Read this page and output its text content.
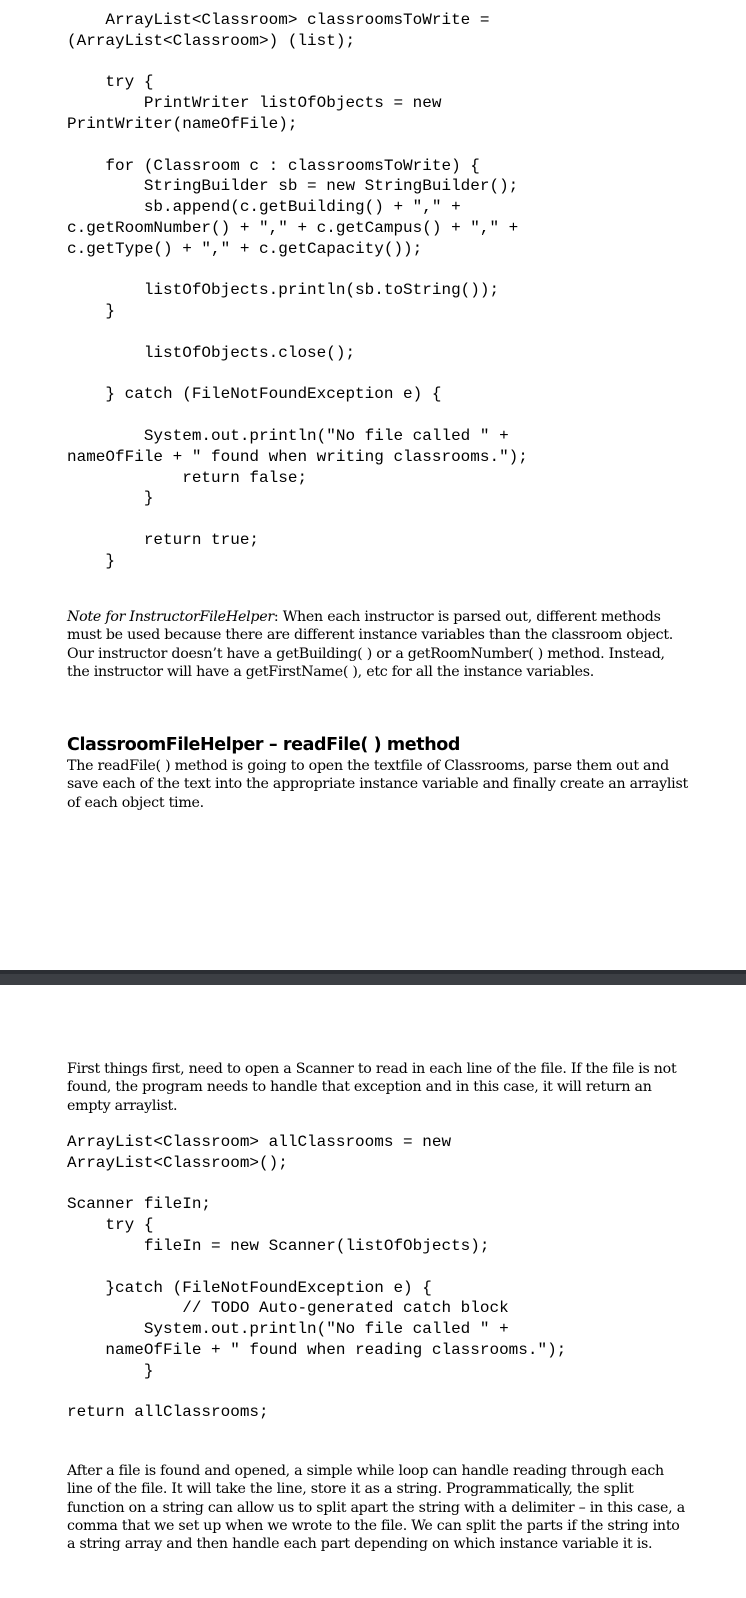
ArrayList<Classroom> classroomsToWrite =
(ArrayList<Classroom>) (list);
try {
PrintWriter listOfObjects = new
PrintWriter(nameOfFile);
for (Classroom c : classroomsToWrite) {
StringBuilder sb = new StringBuilder();
sb.append(c.getBuilding() + "," +
c.getRoomNumber() + "," + c.getCampus() + "," +
c.getType() + "," + c.getCapacity());
listOfObjects.println(sb.toString());
}
listOfObjects.close();
} catch (FileNotFoundException e) {
System.out.println("No file called " +
nameOfFile + " found when writing classrooms.");
return false;
}
return true;
}
Note for InstructorFileHelper: When each instructor is parsed out, different methods must be used because there are different instance variables than the classroom object. Our instructor doesn’t have a getBuilding( ) or a getRoomNumber( ) method. Instead, the instructor will have a getFirstName( ), etc for all the instance variables.
ClassroomFileHelper – readFile( ) method
The readFile( ) method is going to open the textfile of Classrooms, parse them out and save each of the text into the appropriate instance variable and finally create an arraylist of each object time.
First things first, need to open a Scanner to read in each line of the file. If the file is not found, the program needs to handle that exception and in this case, it will return an empty arraylist.
ArrayList<Classroom> allClassrooms = new
ArrayList<Classroom>();
Scanner fileIn;
try {
fileIn = new Scanner(listOfObjects);
}catch (FileNotFoundException e) {
// TODO Auto-generated catch block
System.out.println("No file called " +
nameOfFile + " found when reading classrooms.");
}
return allClassrooms;
After a file is found and opened, a simple while loop can handle reading through each line of the file. It will take the line, store it as a string. Programmatically, the split function on a string can allow us to split apart the string with a delimiter – in this case, a comma that we set up when we wrote to the file. We can split the parts if the string into a string array and then handle each part depending on which instance variable it is.
